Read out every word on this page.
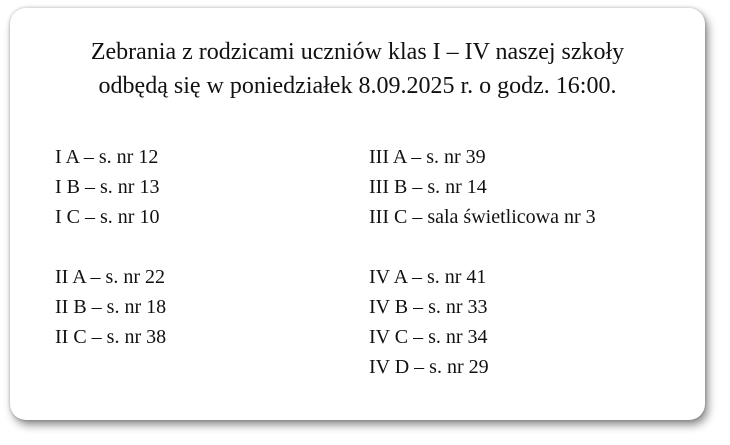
Zebrania z rodzicami uczniów klas I – IV naszej szkoły
odbędą się w poniedziałek 8.09.2025 r. o godz. 16:00.
I A – s. nr 12
I B – s. nr 13
I C – s. nr 10
II A – s. nr 22
II B – s. nr 18
II C – s. nr 38
III A – s. nr 39
III B – s. nr 14
III C – sala świetlicowa nr 3
IV A – s. nr 41
IV B – s. nr 33
IV C – s. nr 34
IV D – s. nr 29
